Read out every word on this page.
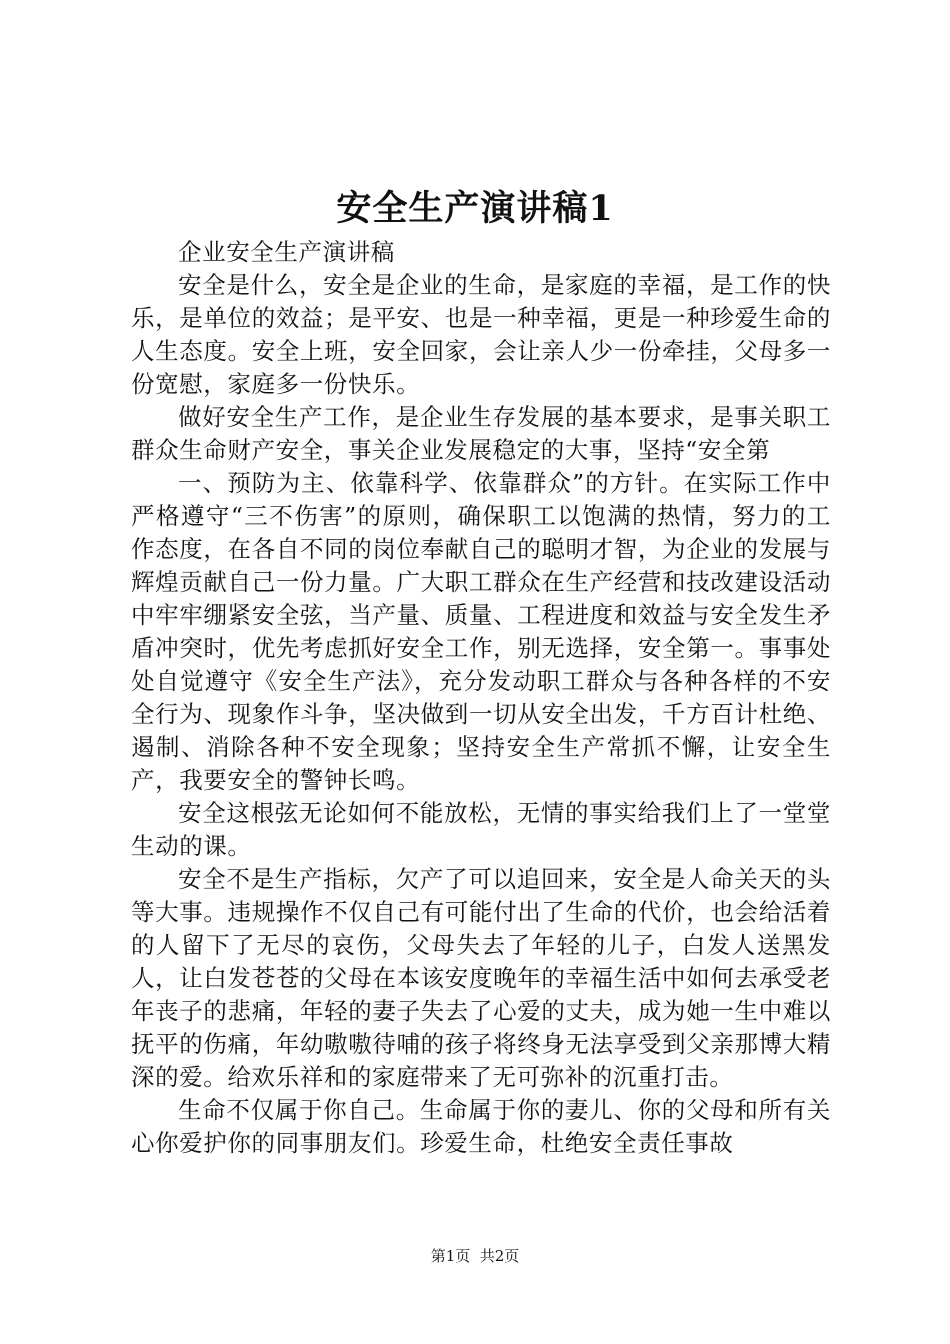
安全生产演讲稿1

企业安全生产演讲稿

安全是什么，安全是企业的生命，是家庭的幸福，是工作的快乐，是单位的效益；是平安、也是一种幸福，更是一种珍爱生命的人生态度。安全上班，安全回家，会让亲人少一份牵挂，父母多一份宽慰，家庭多一份快乐。

做好安全生产工作，是企业生存发展的基本要求，是事关职工群众生命财产安全，事关企业发展稳定的大事，坚持“安全第

一、预防为主、依靠科学、依靠群众”的方针。在实际工作中严格遵守“三不伤害”的原则，确保职工以饱满的热情，努力的工作态度，在各自不同的岗位奉献自己的聪明才智，为企业的发展与辉煌贡献自己一份力量。广大职工群众在生产经营和技改建设活动中牢牢绷紧安全弦，当产量、质量、工程进度和效益与安全发生矛盾冲突时，优先考虑抓好安全工作，别无选择，安全第一。事事处处自觉遵守《安全生产法》，充分发动职工群众与各种各样的不安全行为、现象作斗争，坚决做到一切从安全出发，千方百计杜绝、遏制、消除各种不安全现象；坚持安全生产常抓不懈，让安全生产，我要安全的警钟长鸣。

安全这根弦无论如何不能放松，无情的事实给我们上了一堂堂生动的课。

安全不是生产指标，欠产了可以追回来，安全是人命关天的头等大事。违规操作不仅自己有可能付出了生命的代价，也会给活着的人留下了无尽的哀伤，父母失去了年轻的儿子，白发人送黑发人，让白发苍苍的父母在本该安度晚年的幸福生活中如何去承受老年丧子的悲痛，年轻的妻子失去了心爱的丈夫，成为她一生中难以抚平的伤痛，年幼嗷嗷待哺的孩子将终身无法享受到父亲那博大精深的爱。给欢乐祥和的家庭带来了无可弥补的沉重打击。

生命不仅属于你自己。生命属于你的妻儿、你的父母和所有关心你爱护你的同事朋友们。珍爱生命，杜绝安全责任事故

第1页  共2页
